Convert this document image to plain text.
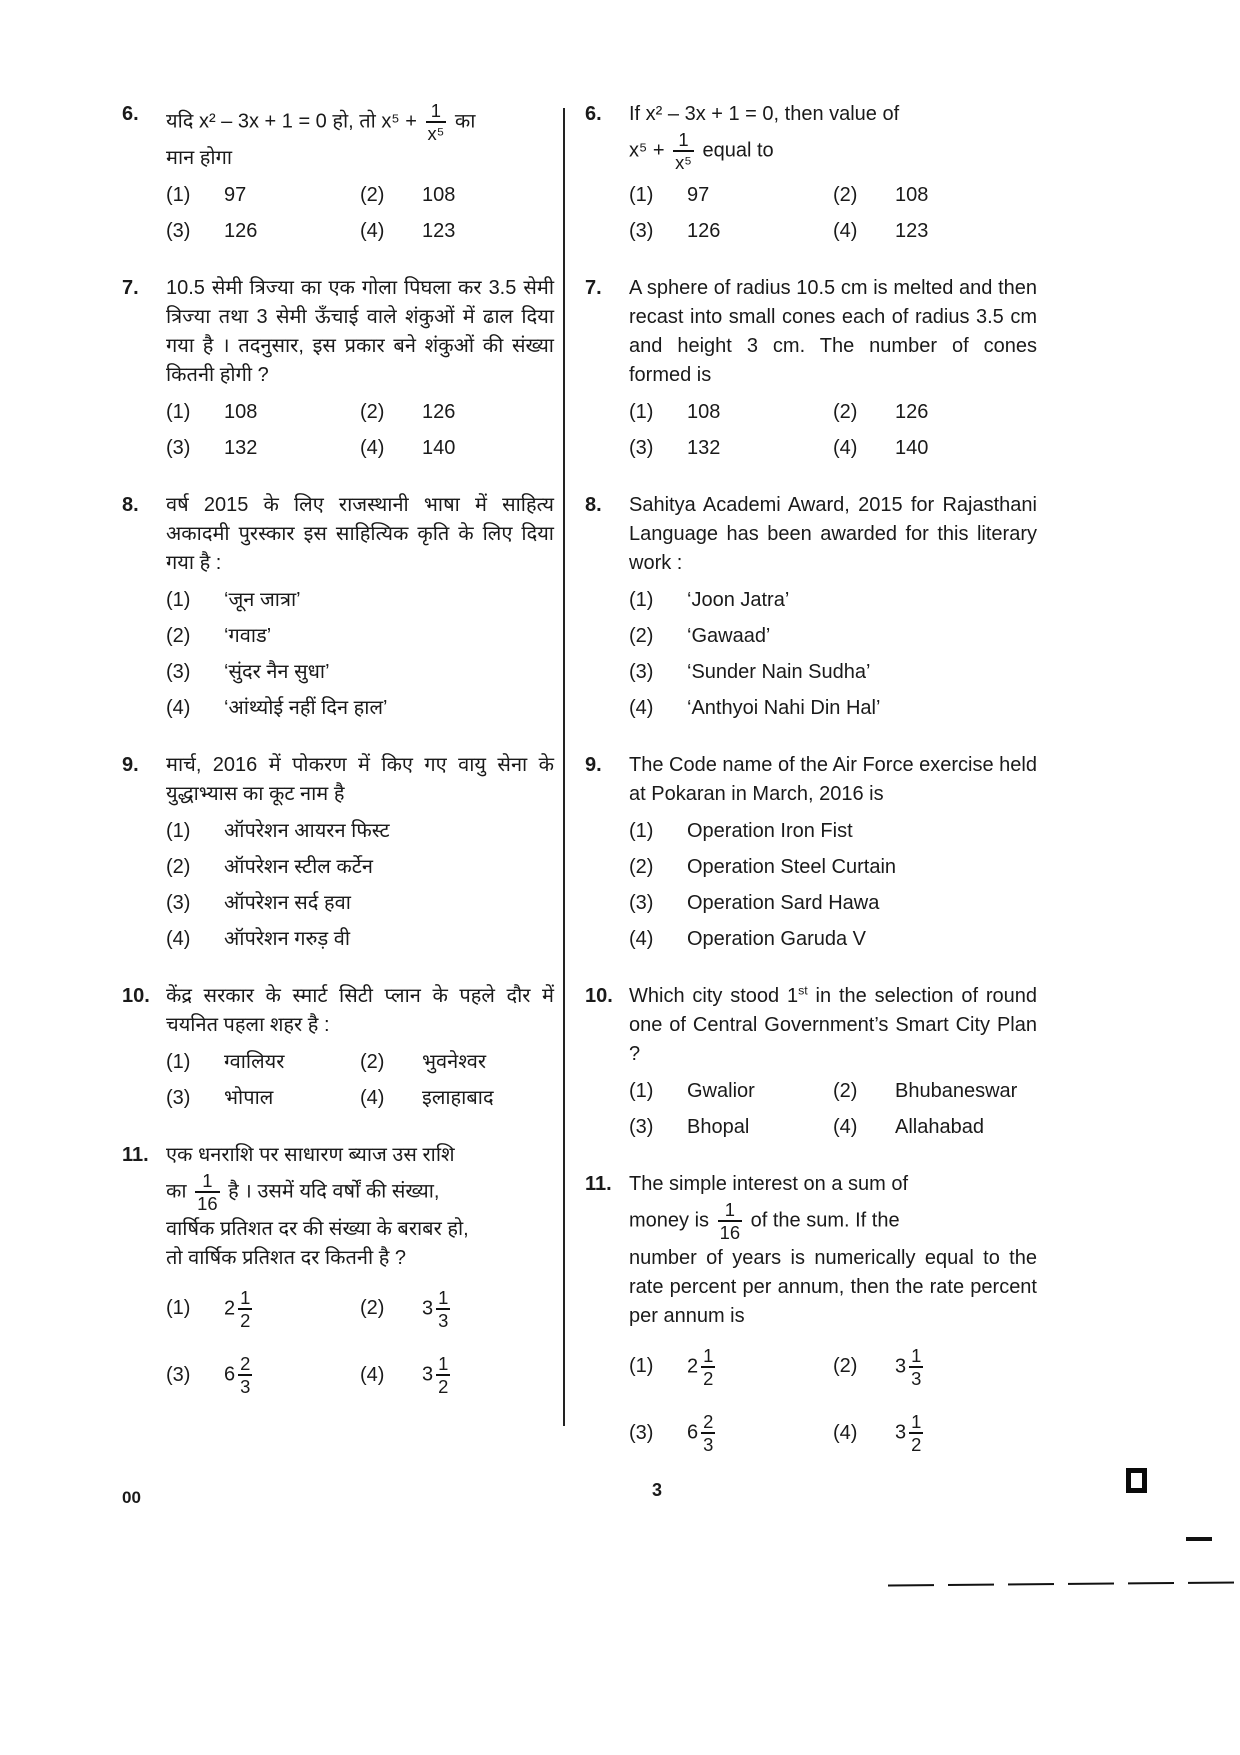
6.	यदि x² – 3x + 1 = 0 हो, तो $x^5 + \frac{1}{\text{x⁵}}$ का
मान होगा
(1)	97	(2)	108
(3)	126	(4)	123
7.	10.5 सेमी त्रिज्या का एक गोला पिघला कर 3.5 सेमी त्रिज्या तथा 3 सेमी ऊँचाई वाले शंकुओं में ढाल दिया गया है । तदनुसार, इस प्रकार बने शंकुओं की संख्या कितनी होगी ?
(1)	108	(2)	126
(3)	132	(4)	140
8.	वर्ष 2015 के लिए राजस्थानी भाषा में साहित्य अकादमी पुरस्कार इस साहित्यिक कृति के लिए दिया गया है :
(1)	‘जून जात्रा’
(2)	‘गवाड’
(3)	‘सुंदर नैन सुधा’
(4)	‘आंथ्योई नहीं दिन हाल’
9.	मार्च, 2016 में पोकरण में किए गए वायु सेना के युद्धाभ्यास का कूट नाम है
(1)	ऑपरेशन आयरन फिस्ट
(2)	ऑपरेशन स्टील कर्टेन
(3)	ऑपरेशन सर्द हवा
(4)	ऑपरेशन गरुड़ वी
10. केंद्र सरकार के स्मार्ट सिटी प्लान के पहले दौर में चयनित पहला शहर है :
(1)	ग्वालियर	(2)	भुवनेश्वर
(3)	भोपाल	(4)	इलाहाबाद
11. एक धनराशि पर साधारण ब्याज उस राशि
का $\frac{1}{16}$ है । उसमें यदि वर्षों की संख्या,
वार्षिक प्रतिशत दर की संख्या के बराबर हो,
तो वार्षिक प्रतिशत दर कितनी है ?
(1)	$2 \frac{1}{2}$	(2)	$3 \frac{1}{3}$
(3)	$6 \frac{2}{3}$	(4)	$3 \frac{1}{2}$
6.	If x² – 3x + 1 = 0, then value of
$x^5 + \frac{1}{\text{x⁵}}$ equal to
(1)	97	(2)	108
(3)	126	(4)	123
7.	A sphere of radius 10.5 cm is melted and then recast into small cones each of radius 3.5 cm and height 3 cm. The number of cones formed is
(1)	108	(2)	126
(3)	132	(4)	140
8.	Sahitya Academi Award, 2015 for Rajasthani Language has been awarded for this literary work :
(1)	‘Joon Jatra’
(2)	‘Gawaad’
(3)	‘Sunder Nain Sudha’
(4)	‘Anthyoi Nahi Din Hal’
9.	The Code name of the Air Force exercise held at Pokaran in March, 2016 is
(1)	Operation Iron Fist
(2)	Operation Steel Curtain
(3)	Operation Sard Hawa
(4)	Operation Garuda V
10. Which city stood 1st in the selection of round one of Central Government’s Smart City Plan ?
(1)	Gwalior	(2)	Bhubaneswar
(3)	Bhopal	(4)	Allahabad
11. The simple interest on a sum of
money is $\frac{1}{16}$ of the sum. If the
number of years is numerically equal to the rate percent per annum, then the rate percent per annum is
(1)	$2 \frac{1}{2}$	(2)	$3 \frac{1}{3}$
(3)	$6 \frac{2}{3}$	(4)	$3 \frac{1}{2}$
00	3
